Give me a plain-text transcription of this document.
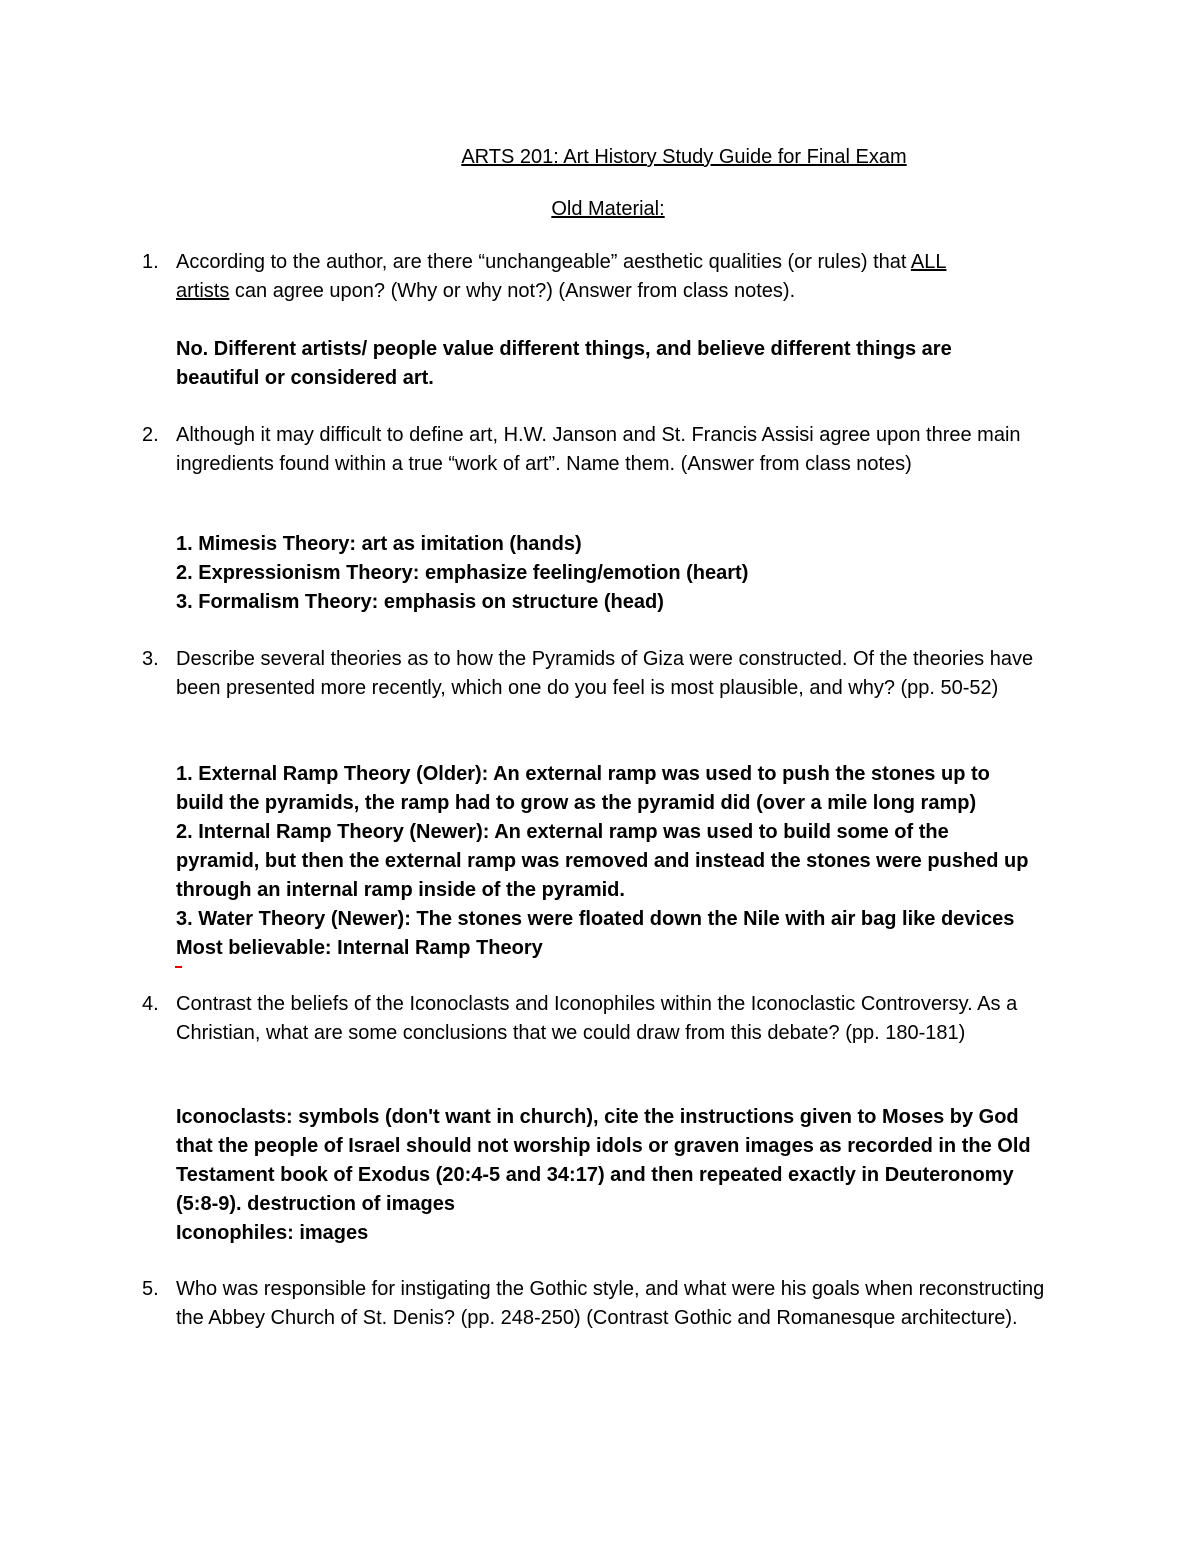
ARTS 201: Art History Study Guide for Final Exam
Old Material:
1. According to the author, are there “unchangeable” aesthetic qualities (or rules) that ALL
artists can agree upon? (Why or why not?) (Answer from class notes).
No. Different artists/ people value different things, and believe different things are
beautiful or considered art.
2. Although it may difficult to define art, H.W. Janson and St. Francis Assisi agree upon three main ingredients found within a true “work of art”. Name them. (Answer from class notes)
1. Mimesis Theory: art as imitation (hands)
2. Expressionism Theory: emphasize feeling/emotion (heart)
3. Formalism Theory: emphasis on structure (head)
3. Describe several theories as to how the Pyramids of Giza were constructed. Of the theories have been presented more recently, which one do you feel is most plausible, and why? (pp. 50-52)
1. External Ramp Theory (Older): An external ramp was used to push the stones up to
build the pyramids, the ramp had to grow as the pyramid did (over a mile long ramp)
2. Internal Ramp Theory (Newer): An external ramp was used to build some of the
pyramid, but then the external ramp was removed and instead the stones were pushed up
through an internal ramp inside of the pyramid.
3. Water Theory (Newer): The stones were floated down the Nile with air bag like devices
Most believable: Internal Ramp Theory
4. Contrast the beliefs of the Iconoclasts and Iconophiles within the Iconoclastic Controversy. As a Christian, what are some conclusions that we could draw from this debate? (pp. 180-181)
Iconoclasts: symbols (don't want in church), cite the instructions given to Moses by God
that the people of Israel should not worship idols or graven images as recorded in the Old
Testament book of Exodus (20:4-5 and 34:17) and then repeated exactly in Deuteronomy
(5:8-9). destruction of images
Iconophiles: images
5. Who was responsible for instigating the Gothic style, and what were his goals when reconstructing the Abbey Church of St. Denis? (pp. 248-250) (Contrast Gothic and Romanesque architecture).
